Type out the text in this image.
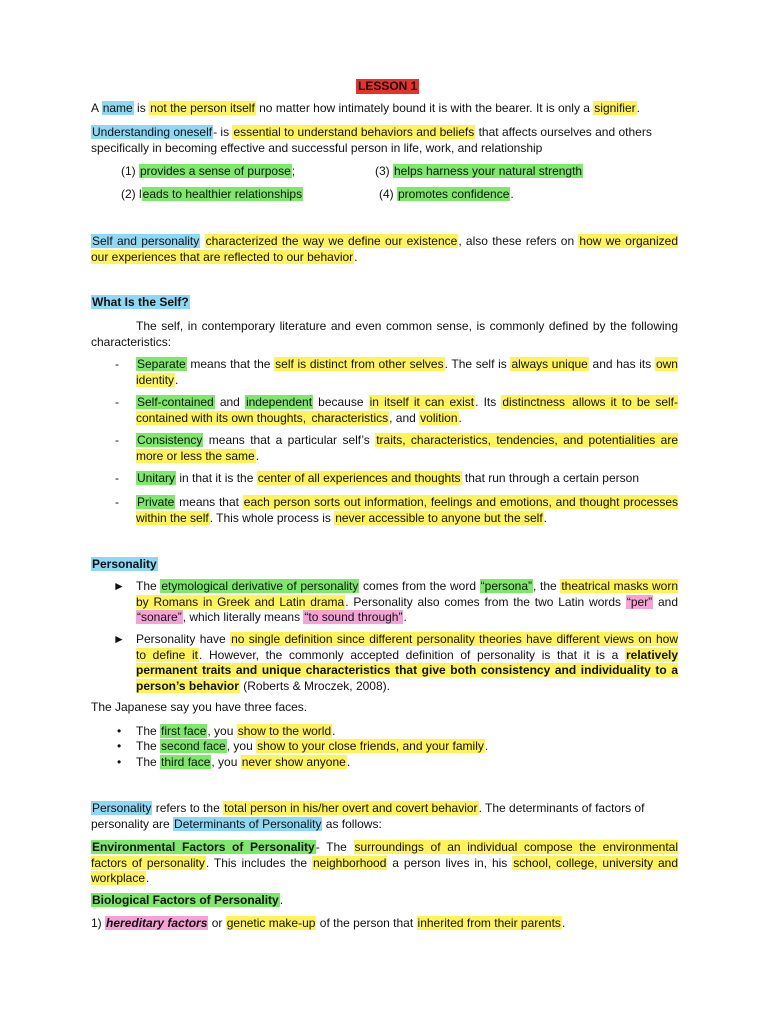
LESSON 1

A name is not the person itself no matter how intimately bound it is with the bearer. It is only a signifier.

Understanding oneself- is essential to understand behaviors and beliefs that affects ourselves and others specifically in becoming effective and successful person in life, work, and relationship

(1) provides a sense of purpose;	(3) helps harness your natural strength
(2) leads to healthier relationships	(4) promotes confidence.

Self and personality characterized the way we define our existence, also these refers on how we organized our experiences that are reflected to our behavior.

What Is the Self?

The self, in contemporary literature and even common sense, is commonly defined by the following characteristics:

- Separate means that the self is distinct from other selves. The self is always unique and has its own identity.

- Self-contained and independent because in itself it can exist. Its distinctness allows it to be self-contained with its own thoughts, characteristics, and volition.

- Consistency means that a particular self’s traits, characteristics, tendencies, and potentialities are more or less the same.

- Unitary in that it is the center of all experiences and thoughts that run through a certain person

- Private means that each person sorts out information, feelings and emotions, and thought processes within the self. This whole process is never accessible to anyone but the self.

Personality

► The etymological derivative of personality comes from the word “persona”, the theatrical masks worn by Romans in Greek and Latin drama. Personality also comes from the two Latin words “per” and “sonare”, which literally means “to sound through”.

► Personality have no single definition since different personality theories have different views on how to define it. However, the commonly accepted definition of personality is that it is a relatively permanent traits and unique characteristics that give both consistency and individuality to a person’s behavior (Roberts & Mroczek, 2008).

The Japanese say you have three faces.

• The first face, you show to the world.

• The second face, you show to your close friends, and your family.

• The third face, you never show anyone.

Personality refers to the total person in his/her overt and covert behavior. The determinants of factors of personality are Determinants of Personality as follows:

Environmental Factors of Personality- The surroundings of an individual compose the environmental factors of personality. This includes the neighborhood a person lives in, his school, college, university and workplace.

Biological Factors of Personality.

1) hereditary factors or genetic make-up of the person that inherited from their parents.
